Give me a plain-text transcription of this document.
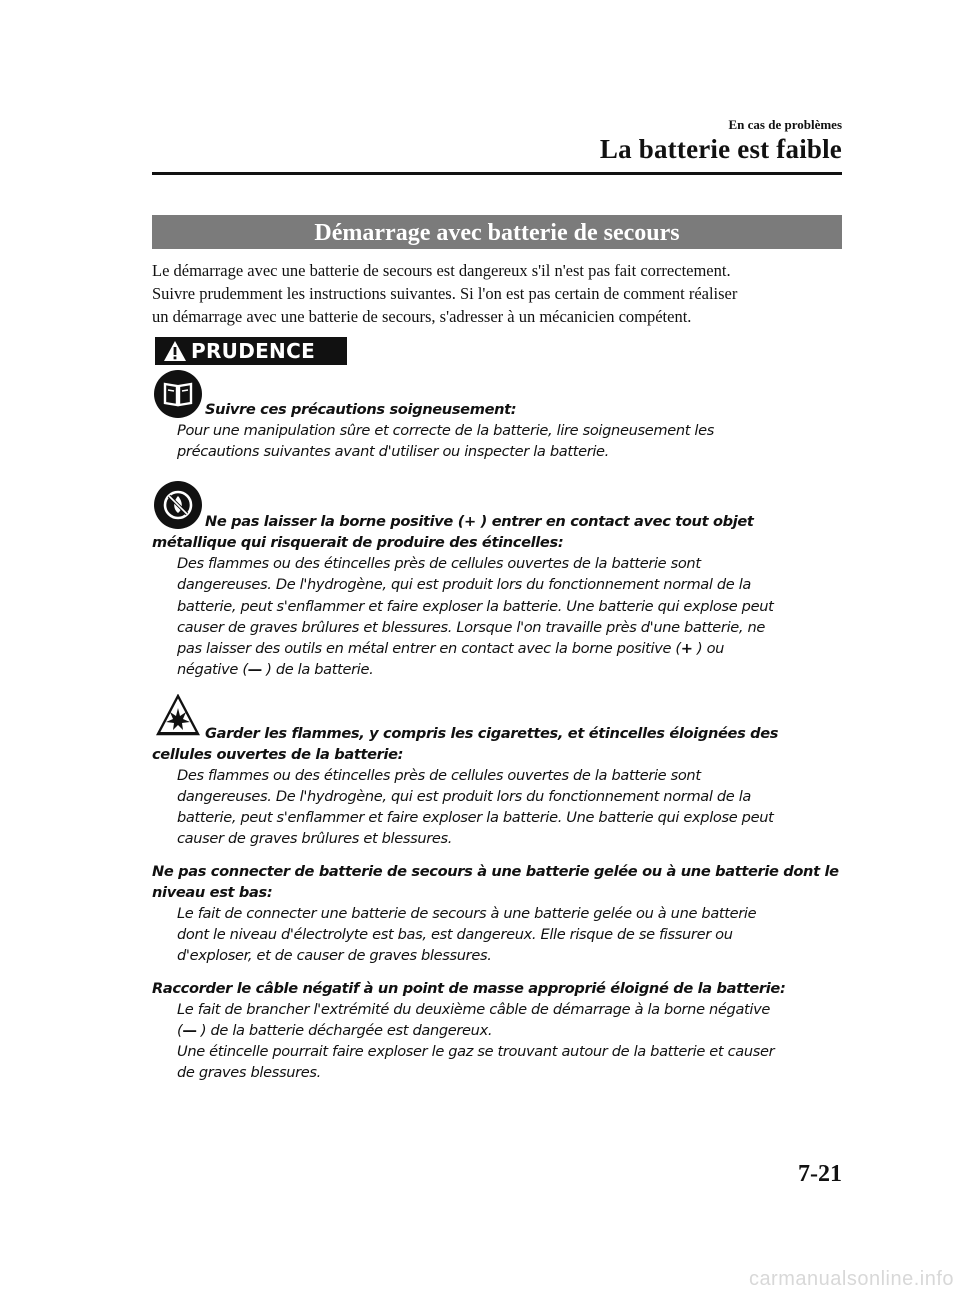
En cas de problèmes
La batterie est faible
Démarrage avec batterie de secours
Le démarrage avec une batterie de secours est dangereux s'il n'est pas fait correctement.
Suivre prudemment les instructions suivantes. Si l'on est pas certain de comment réaliser
un démarrage avec une batterie de secours, s'adresser à un mécanicien compétent.
PRUDENCE
Suivre ces précautions soigneusement:
Pour une manipulation sûre et correcte de la batterie, lire soigneusement les
précautions suivantes avant d'utiliser ou inspecter la batterie.
Ne pas laisser la borne positive (+ ) entrer en contact avec tout objet
métallique qui risquerait de produire des étincelles:
Des flammes ou des étincelles près de cellules ouvertes de la batterie sont
dangereuses. De l'hydrogène, qui est produit lors du fonctionnement normal de la
batterie, peut s'enflammer et faire exploser la batterie. Une batterie qui explose peut
causer de graves brûlures et blessures. Lorsque l'on travaille près d'une batterie, ne
pas laisser des outils en métal entrer en contact avec la borne positive (+ ) ou
négative (— ) de la batterie.
Garder les flammes, y compris les cigarettes, et étincelles éloignées des
cellules ouvertes de la batterie:
Des flammes ou des étincelles près de cellules ouvertes de la batterie sont
dangereuses. De l'hydrogène, qui est produit lors du fonctionnement normal de la
batterie, peut s'enflammer et faire exploser la batterie. Une batterie qui explose peut
causer de graves brûlures et blessures.
Ne pas connecter de batterie de secours à une batterie gelée ou à une batterie dont le
niveau est bas:
Le fait de connecter une batterie de secours à une batterie gelée ou à une batterie
dont le niveau d'électrolyte est bas, est dangereux. Elle risque de se fissurer ou
d'exploser, et de causer de graves blessures.
Raccorder le câble négatif à un point de masse approprié éloigné de la batterie:
Le fait de brancher l'extrémité du deuxième câble de démarrage à la borne négative
(— ) de la batterie déchargée est dangereux.
Une étincelle pourrait faire exploser le gaz se trouvant autour de la batterie et causer
de graves blessures.
7-21
carmanualsonline.info
